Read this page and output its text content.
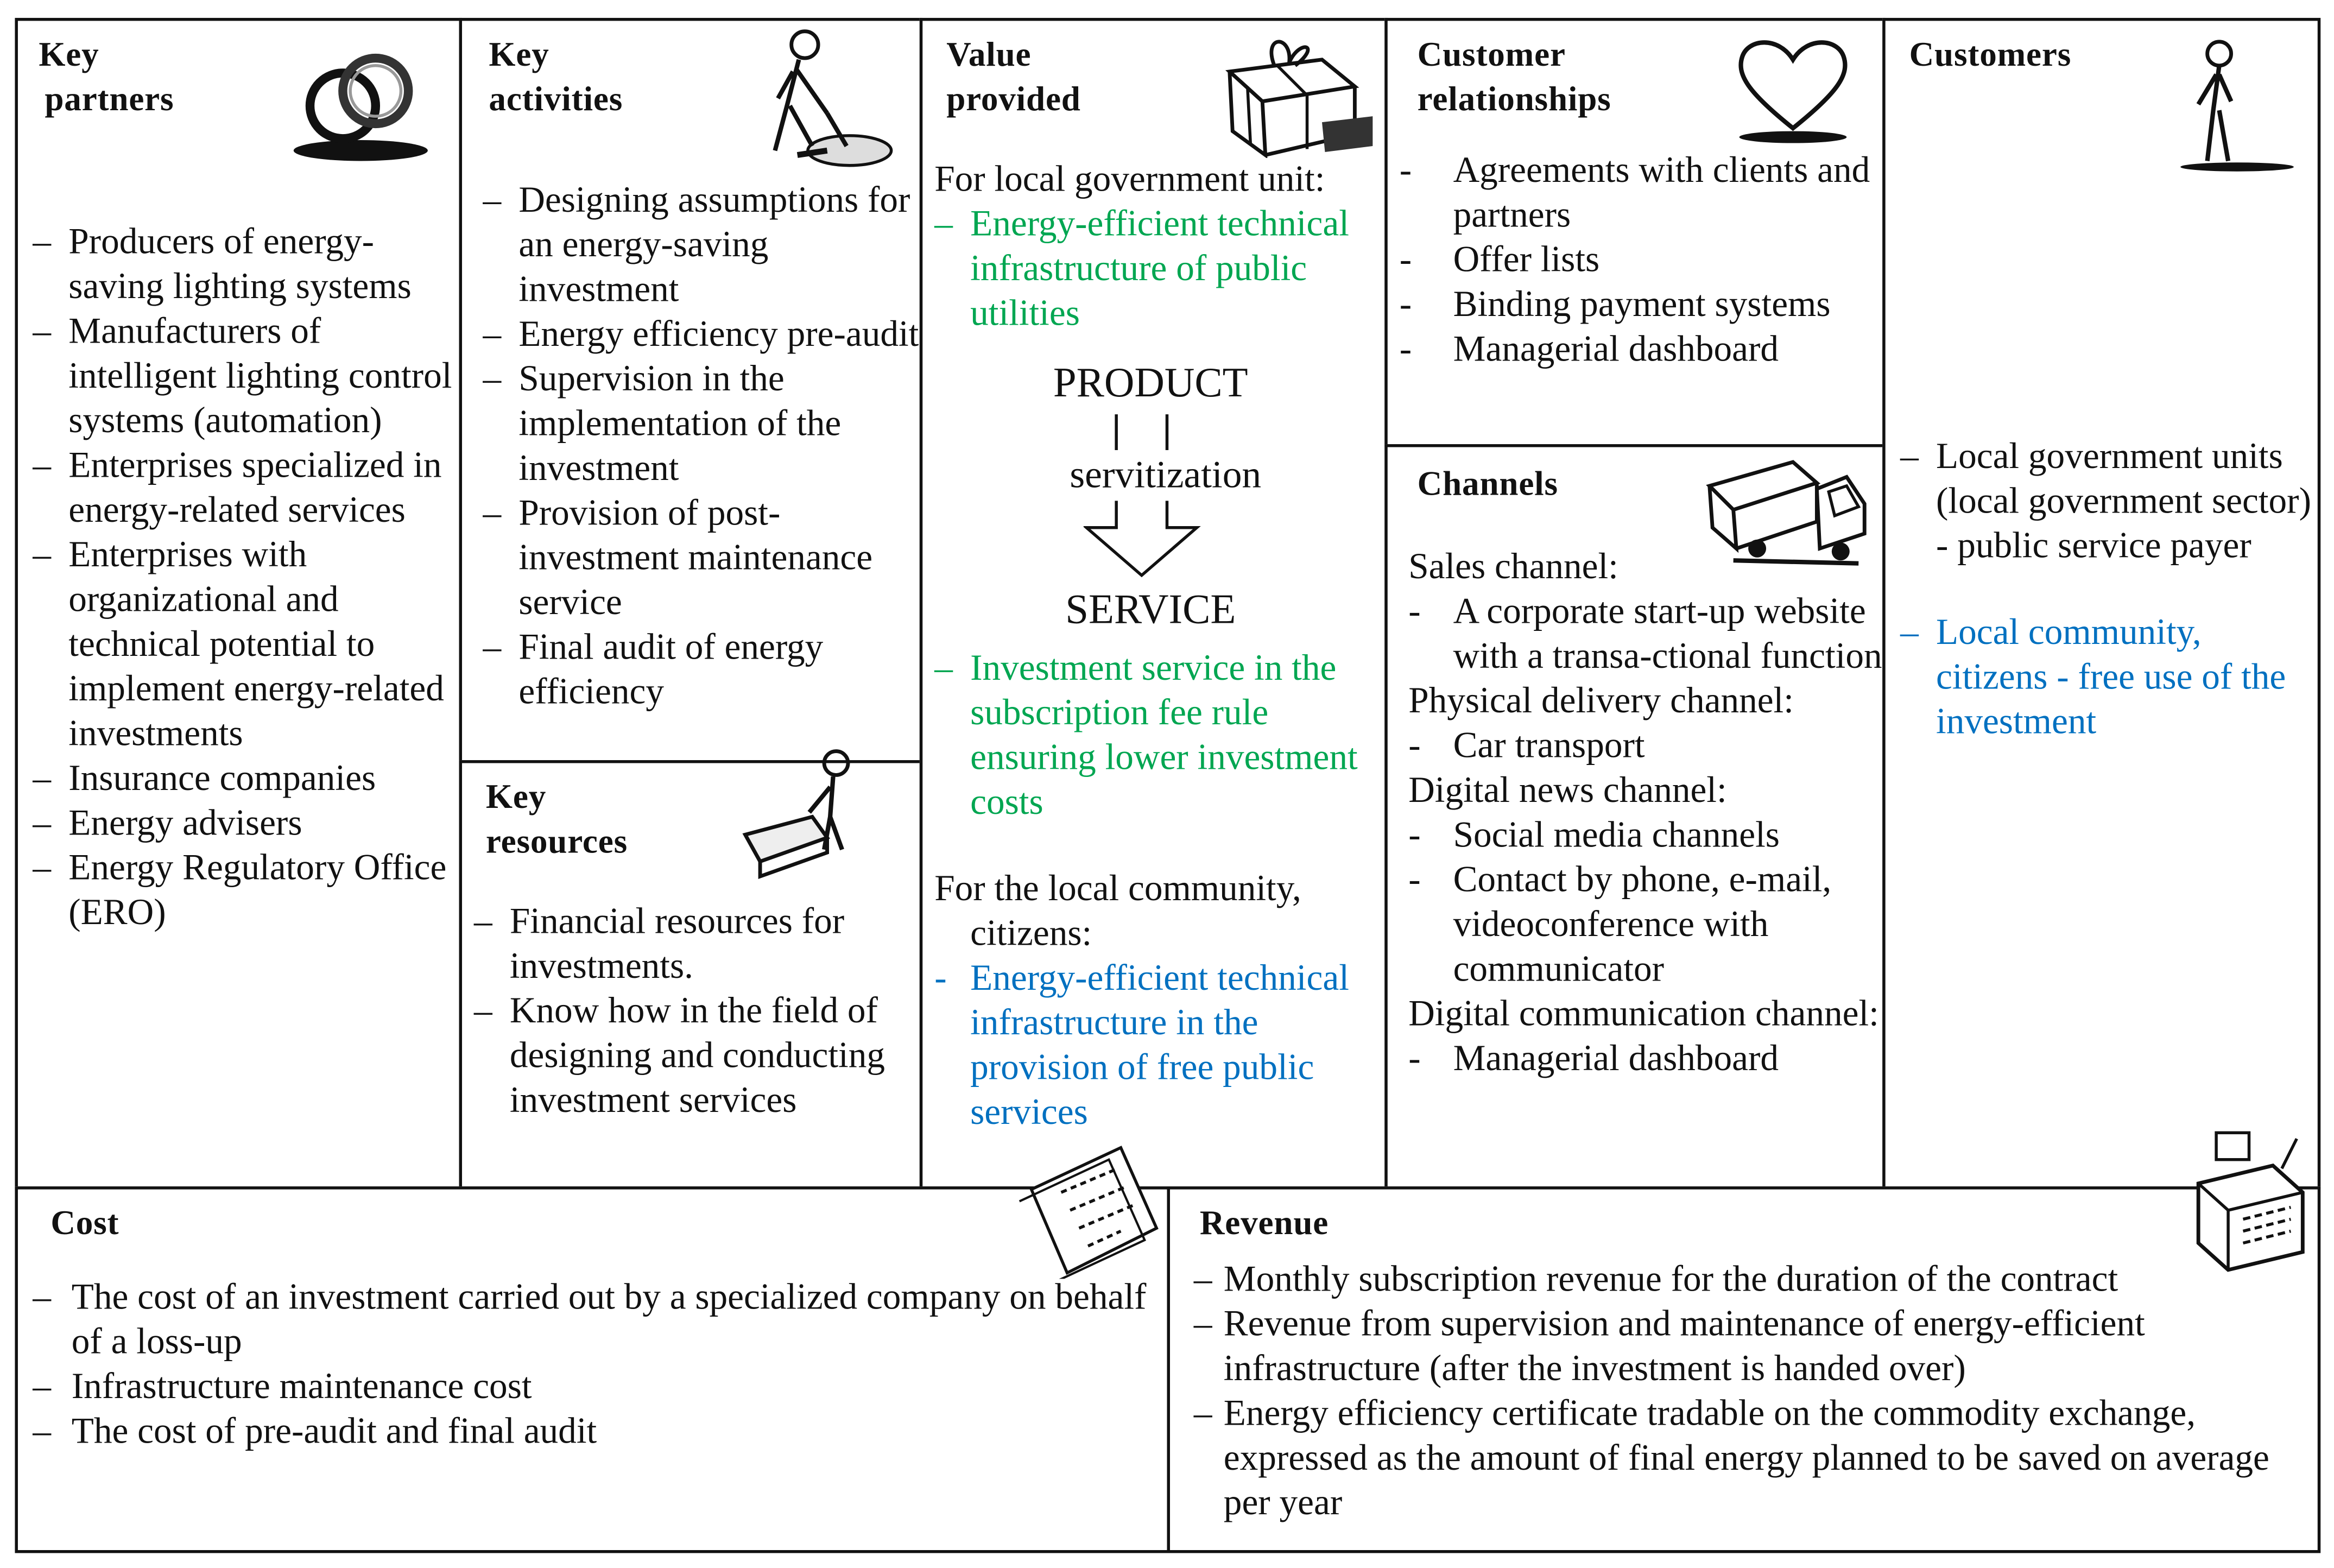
Key
partners
– Producers of energy-saving lighting systems
– Manufacturers of intelligent lighting control systems (automation)
– Enterprises specialized in energy-related services
– Enterprises with organizational and technical potential to implement energy-related investments
– Insurance companies
– Energy advisers
– Energy Regulatory Office (ERO)
Key
activities
– Designing assumptions for an energy-saving investment
– Energy efficiency pre-audit
– Supervision in the implementation of the investment
– Provision of post-investment maintenance service
– Final audit of energy efficiency
Key
resources
– Financial resources for investments.
– Know how in the field of designing and conducting investment services
Value
provided
For local government unit:
– Energy-efficient technical infrastructure of public utilities
PRODUCT
servitization
SERVICE
– Investment service in the subscription fee rule ensuring lower investment costs
For the local community, citizens:
- Energy-efficient technical infrastructure in the provision of free public services
Customer
relationships
-	Agreements with clients and partners
-	Offer lists
-	Binding payment systems
-	Managerial dashboard
Channels
Sales channel:
- A corporate start-up website with a transa-ctional function
Physical delivery channel:
- Car transport
Digital news channel:
- Social media channels
- Contact by phone, e-mail, videoconference with communicator
Digital communication channel:
- Managerial dashboard
Customers
– Local government units (local government sector) - public service payer
– Local community, citizens - free use of the investment
Cost
– The cost of an investment carried out by a specialized company on behalf of a loss-up
– Infrastructure maintenance cost
– The cost of pre-audit and final audit
Revenue
– Monthly subscription revenue for the duration of the contract
– Revenue from supervision and maintenance of energy-efficient infrastructure (after the investment is handed over)
– Energy efficiency certificate tradable on the commodity exchange, expressed as the amount of final energy planned to be saved on average per year
